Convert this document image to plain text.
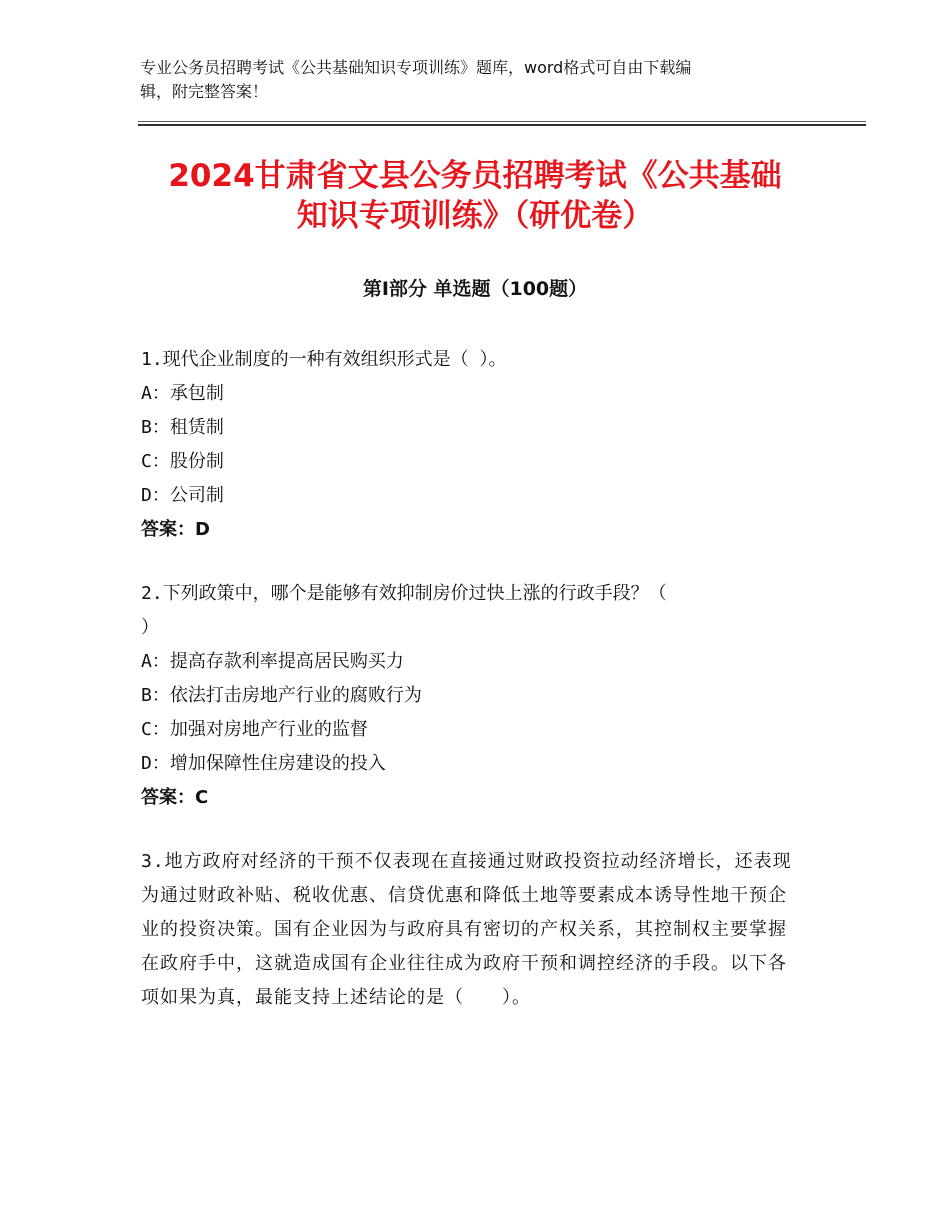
专业公务员招聘考试《公共基础知识专项训练》题库，word格式可自由下载编

辑，附完整答案！

2024甘肃省文县公务员招聘考试《公共基础

知识专项训练》（研优卷）

第Ⅰ部分 单选题（100题）

1.现代企业制度的一种有效组织形式是（ ）。

A：承包制

B：租赁制

C：股份制

D：公司制

答案：D

2.下列政策中，哪个是能够有效抑制房价过快上涨的行政手段？（

）

A：提高存款利率提高居民购买力

B：依法打击房地产行业的腐败行为

C：加强对房地产行业的监督

D：增加保障性住房建设的投入

答案：C

3.地方政府对经济的干预不仅表现在直接通过财政投资拉动经济增长，还表现为通过财政补贴、税收优惠、信贷优惠和降低土地等要素成本诱导性地干预企业的投资决策。国有企业因为与政府具有密切的产权关系，其控制权主要掌握在政府手中，这就造成国有企业往往成为政府干预和调控经济的手段。以下各项如果为真，最能支持上述结论的是（　　）。
